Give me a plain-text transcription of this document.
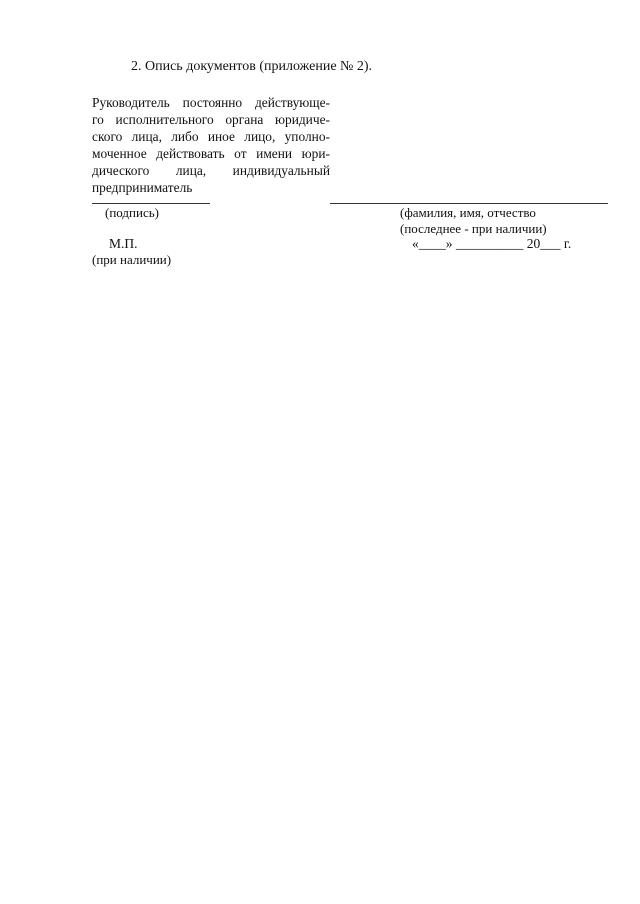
2. Опись документов (приложение № 2).
Руководитель постоянно действующе-
го исполнительного органа юридиче-
ского лица, либо иное лицо, уполно-
моченное действовать от имени юри-
дического лица, индивидуальный
предприниматель
(подпись)	(фамилия, имя, отчество
(последнее - при наличии)
М.П.	«____» __________ 20___ г.
(при наличии)
